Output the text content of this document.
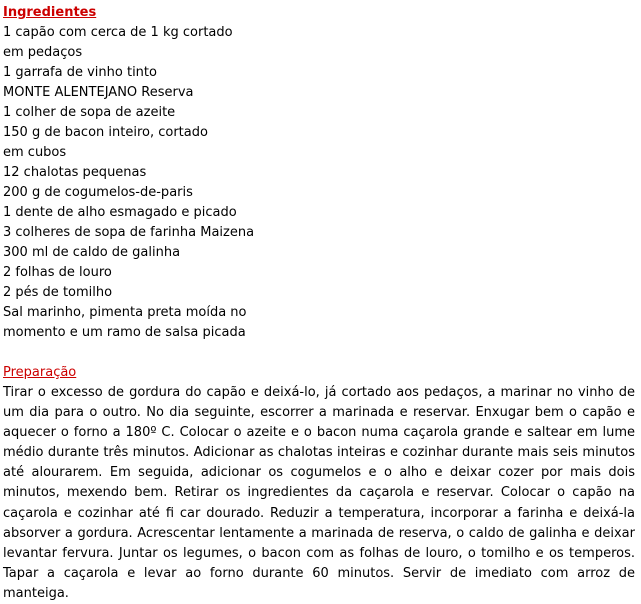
Ingredientes
1 capão com cerca de 1 kg cortado
em pedaços
1 garrafa de vinho tinto
MONTE ALENTEJANO Reserva
1 colher de sopa de azeite
150 g de bacon inteiro, cortado
em cubos
12 chalotas pequenas
200 g de cogumelos-de-paris
1 dente de alho esmagado e picado
3 colheres de sopa de farinha Maizena
300 ml de caldo de galinha
2 folhas de louro
2 pés de tomilho
Sal marinho, pimenta preta moída no
momento e um ramo de salsa picada
Preparação

Tirar o excesso de gordura do capão e deixá-lo, já cortado aos pedaços, a marinar no vinho de um dia para o outro. No dia seguinte, escorrer a marinada e reservar. Enxugar bem o capão e aquecer o forno a 180º C. Colocar o azeite e o bacon numa caçarola grande e saltear em lume médio durante três minutos. Adicionar as chalotas inteiras e cozinhar durante mais seis minutos até alourarem. Em seguida, adicionar os cogumelos e o alho e deixar cozer por mais dois minutos, mexendo bem. Retirar os ingredientes da caçarola e reservar. Colocar o capão na caçarola e cozinhar até fi car dourado. Reduzir a temperatura, incorporar a farinha e deixá-la absorver a gordura. Acrescentar lentamente a marinada de reserva, o caldo de galinha e deixar levantar fervura. Juntar os legumes, o bacon com as folhas de louro, o tomilho e os temperos. Tapar a caçarola e levar ao forno durante 60 minutos. Servir de imediato com arroz de manteiga.
